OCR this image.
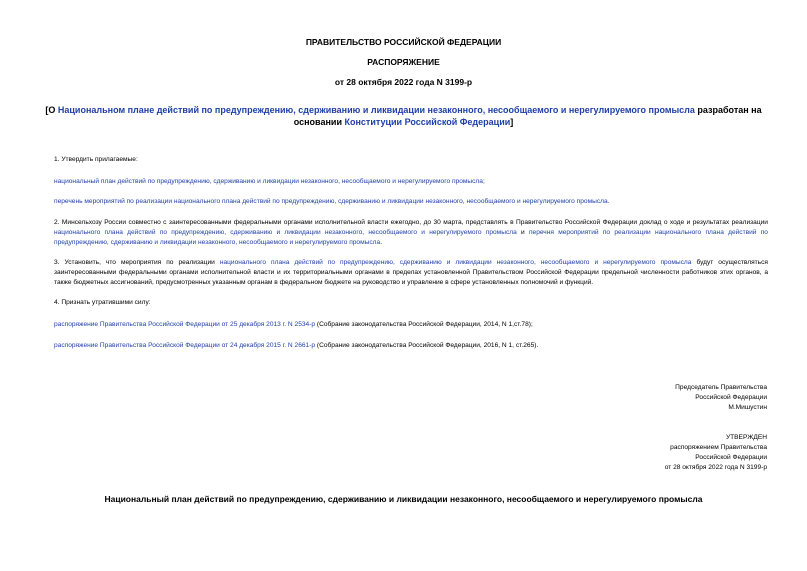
ПРАВИТЕЛЬСТВО РОССИЙСКОЙ ФЕДЕРАЦИИ
РАСПОРЯЖЕНИЕ
от 28 октября 2022 года N 3199-р
[О Национальном плане действий по предупреждению, сдерживанию и ликвидации незаконного, несообщаемого и нерегулируемого промысла разработан на основании Конституции Российской Федерации]
1. Утвердить прилагаемые:
национальный план действий по предупреждению, сдерживанию и ликвидации незаконного, несообщаемого и нерегулируемого промысла;
перечень мероприятий по реализации национального плана действий по предупреждению, сдерживанию и ликвидации незаконного, несообщаемого и нерегулируемого промысла.
2. Минсельхозу России совместно с заинтересованными федеральными органами исполнительной власти ежегодно, до 30 марта, представлять в Правительство Российской Федерации доклад о ходе и результатах реализации национального плана действий по предупреждению, сдерживанию и ликвидации незаконного, несообщаемого и нерегулируемого промысла и перечня мероприятий по реализации национального плана действий по предупреждению, сдерживанию и ликвидации незаконного, несообщаемого и нерегулируемого промысла.
3. Установить, что мероприятия по реализации национального плана действий по предупреждению, сдерживанию и ликвидации незаконного, несообщаемого и нерегулируемого промысла будут осуществляться заинтересованными федеральными органами исполнительной власти и их территориальными органами в пределах установленной Правительством Российской Федерации предельной численности работников этих органов, а также бюджетных ассигнований, предусмотренных указанным органам в федеральном бюджете на руководство и управление в сфере установленных полномочий и функций.
4. Признать утратившими силу:
распоряжение Правительства Российской Федерации от 25 декабря 2013 г. N 2534-р (Собрание законодательства Российской Федерации, 2014, N 1,ст.78);
распоряжение Правительства Российской Федерации от 24 декабря 2015 г. N 2661-р (Собрание законодательства Российской Федерации, 2016, N 1, ст.265).
Председатель Правительства
Российской Федерации
М.Мишустин
УТВЕРЖДЕН
распоряжением Правительства
Российской Федерации
от 28 октября 2022 года N 3199-р
Национальный план действий по предупреждению, сдерживанию и ликвидации незаконного, несообщаемого и нерегулируемого промысла
